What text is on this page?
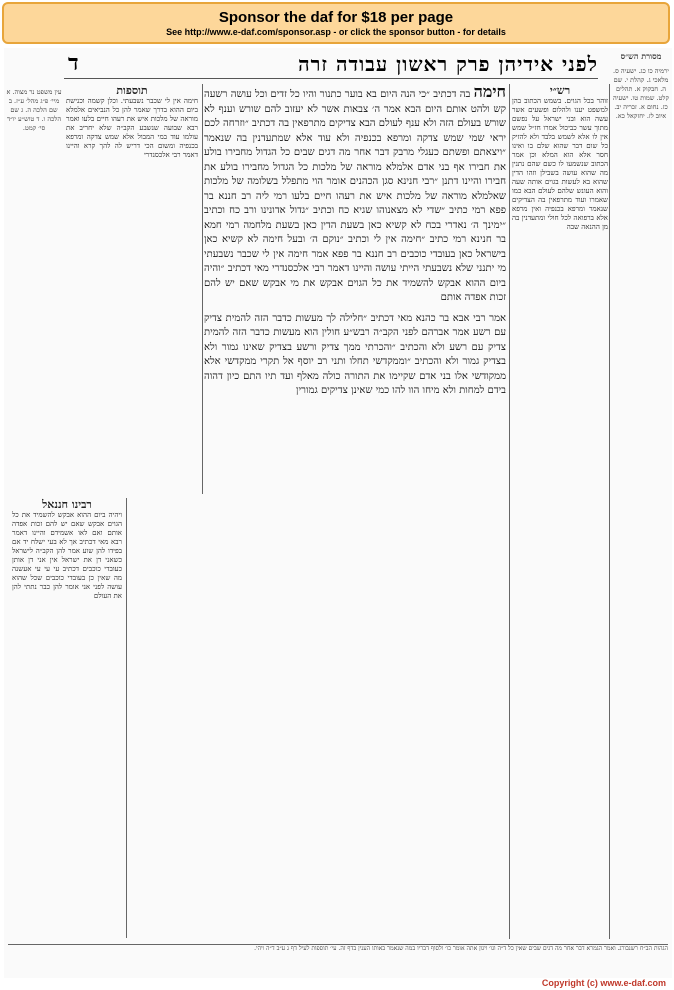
Sponsor the daf for $18 per page
See http://www.e-daf.com/sponsor.asp - or click the sponsor button - for details
לפני אידיהן פרק ראשון עבודה זרה
ד	מסורת הש״ס
ירמיה כו כג. ישעיה ס. מלאכי ג. קהלת י. שם ה. חבקוק א. תהלים קלט. שמות טו. ישעיה כז. נחום א. זכריה יב. איוב לז. יחזקאל כא.
רש״י
זוהר בכל הגוים. בשמש הכתוב בהן למשפט יענו ולהלום ופשעים אשר עשה הוא ובני ישראל על נפשם מתוך עשר כביכול אמרו חז״ל שמש אין לו אלא לשמש בלבד ולא להזיק כל שום דבר שהוא שלם בו ואינו חסר אלא הוא המלא וכן אמר הכתוב שנשמעו לו כשם שהם נתנין מה שהוא עושה בשבילן וזהו הדין שהוא בא לעשות בגוים אותה שעה והוא העונש שלהם לעולם הבא כמו שאמרו ועוד מתרפאין בה הצדיקים שנאמר ומרפא בכנפיה ואין מרפא אלא ברפואה לכל חולי ומתעדנין בה מן ההנאה שבה
חימה בה דכתיב ״כי הנה היום בא בוער כתנור והיו כל זדים וכל עושה רשעה קש ולהט אותם היום הבא אמר ה׳ צבאות אשר לא יעזוב להם שורש וענף לא שורש בעולם הזה ולא ענף לעולם הבא צדיקים מתרפאין בה דכתיב ״וזרחה לכם יראי שמי שמש צדקה ומרפא בכנפיה ולא עוד אלא שמתעדנין בה שנאמר ״ויצאתם ופשתם כעגלי מרבק דבר אחר מה דגים שבים כל הגדול מחבירו בולע את חבירו אף בני אדם אלמלא מוראה של מלכות כל הגדול מחבירו בולע את חבירו והיינו דתנן ״רבי חנינא סגן הכהנים אומר הוי מתפלל בשלומה של מלכות שאלמלא מוראה של מלכות איש את רעהו חיים בלעו רמי ליה רב חננא בר פפא רמי כתיב ״שדי לא מצאנוהו שגיא כח וכתיב ״גדול אדונינו ורב כח וכתיב ״ימינך ה׳ נאדרי בכח לא קשיא כאן בשעת הדין כאן בשעת מלחמה רמי חמא בר חנינא רמי כתיב ״חימה אין לי וכתיב ״נוקם ה׳ ובעל חימה לא קשיא כאן בישראל כאן בעובדי כוכבים רב חננא בר פפא אמר חימה אין לי שכבר נשבעתי מי יתנני שלא נשבעתי הייתי עושה והיינו דאמר רבי אלכסנדרי מאי דכתיב ״והיה ביום ההוא אבקש להשמיד את כל הגוים אבקש את מי אבקש שאם יש להם זכות אפדה אותם
אמר רבי אבא בר כהנא מאי דכתיב ״חלילה לך מעשות כדבר הזה להמית צדיק עם רשע אמר אברהם לפני הקב״ה רבש״ע חולין הוא מעשות כדבר הזה להמית צדיק עם רשע ולא והכתיב ״והכרתי ממך צדיק ורשע בצדיק שאינו גמור ולא בצדיק גמור ולא והכתיב ״וממקדשי תחלו ותני רב יוסף אל תקרי ממקדשי אלא ממקודשי אלו בני אדם שקיימו את התורה כולה מאלף ועד תיו התם כיון דהוה בידם למחות ולא מיחו הוו להו כמי שאינן צדיקים גמורין
תוספות
חימה אין לי שכבר נשבעתי. וכלן קשמה וכנישת ביום ההוא בדרך שאמר להן כל הנביאים אלמלא מוראה של מלכות איש את רעהו חיים בלעו ואמר רבא שבועה שנשבע הקב״ה שלא יחריב את עולמו עוד במי המבול אלא שמש צדקה ומרפא בכנפיה ומשום הכי דריש לה להך קרא והיינו דאמר רבי אלכסנדרי
רבינו חננאל
ויהיה ביום ההוא אבקש להשמיד את כל הגוים אבקש שאם יש להם זכות אפדה אותם ואם לאו אשמידם והיינו דאמר רבא מאי דכתיב אך לא בעי ישלח יד אם בפידו להן שוע אמר להן הקב״ה לישראל כשאני דן את ישראל אין אני דן אותן כעובדי כוכבים דכתיב עי עי עי אעשנה מה שאין כן בעובדי כוכבים שכל שהוא עושה לפני אני אומר להן כבר נתתי להן את העולם
עין משפט נר מצוה. א מיי׳ פ״ג מהל׳ ע״ז. ב שם הלכה ה. ג שם הלכה ו. ד טוש״ע יו״ד סי׳ קמט.
הגהות הב״ח רשנבורג. ואמר הגמרא דבר אחר מה דגים שבים שאין כל ד״ה וגו׳ ויגון אתה אומר כו׳ ולסוף דבריו במה שנאמר באותו הענין בדף זה. עי׳ תוספות לעיל דף ג ע״ב ד״ה ויהי.
Copyright (c) www.e-daf.com
